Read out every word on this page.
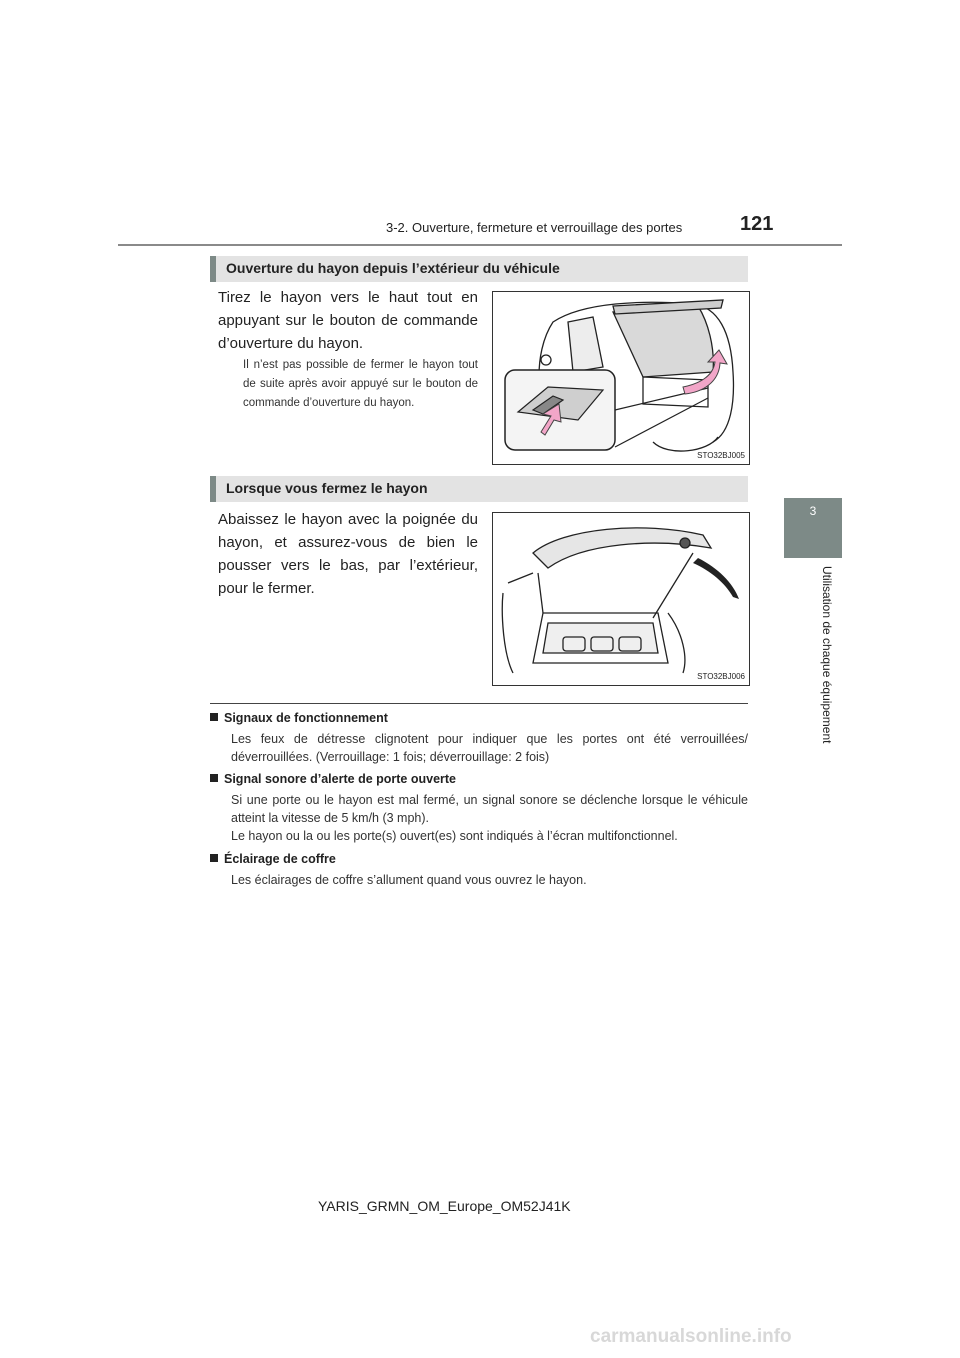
3-2. Ouverture, fermeture et verrouillage des portes	121
3
Utilisation de chaque équipement
Ouverture du hayon depuis l’extérieur du véhicule
Tirez le hayon vers le haut tout en appuyant sur le bouton de commande d’ouverture du hayon.
Il n’est pas possible de fermer le hayon tout de suite après avoir appuyé sur le bouton de commande d’ouverture du hayon.
STO32BJ005
Lorsque vous fermez le hayon
Abaissez le hayon avec la poignée du hayon, et assurez-vous de bien le pousser vers le bas, par l’extérieur, pour le fermer.
STO32BJ006
Signaux de fonctionnement
Les feux de détresse clignotent pour indiquer que les portes ont été verrouillées/ déverrouillées. (Verrouillage: 1 fois; déverrouillage: 2 fois)
Signal sonore d’alerte de porte ouverte
Si une porte ou le hayon est mal fermé, un signal sonore se déclenche lorsque le véhicule atteint la vitesse de 5 km/h (3 mph).
Le hayon ou la ou les porte(s) ouvert(es) sont indiqués à l’écran multifonctionnel.
Éclairage de coffre
Les éclairages de coffre s’allument quand vous ouvrez le hayon.
YARIS_GRMN_OM_Europe_OM52J41K
carmanualsonline.info
